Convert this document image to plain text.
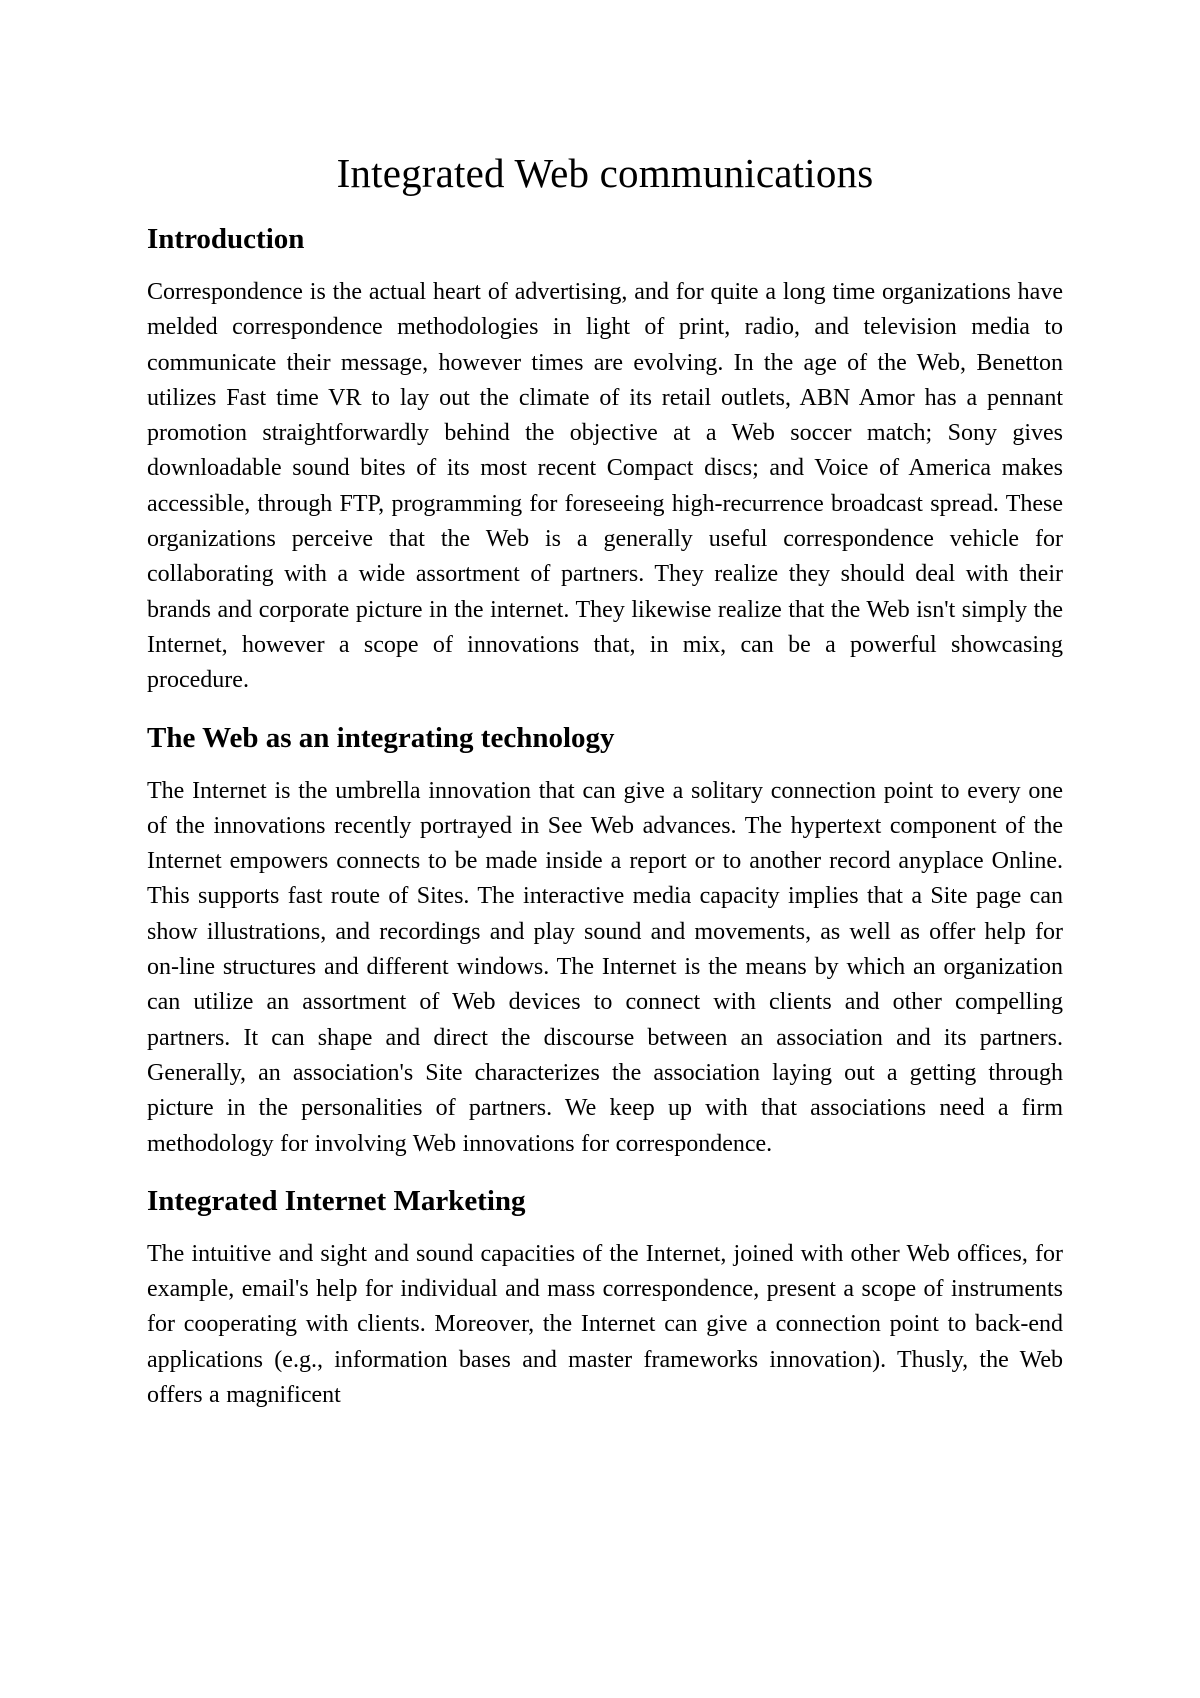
Integrated Web communications
Introduction

Correspondence is the actual heart of advertising, and for quite a long time organizations have melded correspondence methodologies in light of print, radio, and television media to communicate their message, however times are evolving. In the age of the Web, Benetton utilizes Fast time VR to lay out the climate of its retail outlets, ABN Amor has a pennant promotion straightforwardly behind the objective at a Web soccer match; Sony gives downloadable sound bites of its most recent Compact discs; and Voice of America makes accessible, through FTP, programming for foreseeing high-recurrence broadcast spread. These organizations perceive that the Web is a generally useful correspondence vehicle for collaborating with a wide assortment of partners. They realize they should deal with their brands and corporate picture in the internet. They likewise realize that the Web isn't simply the Internet, however a scope of innovations that, in mix, can be a powerful showcasing procedure.

The Web as an integrating technology

The Internet is the umbrella innovation that can give a solitary connection point to every one of the innovations recently portrayed in See Web advances. The hypertext component of the Internet empowers connects to be made inside a report or to another record anyplace Online. This supports fast route of Sites. The interactive media capacity implies that a Site page can show illustrations, and recordings and play sound and movements, as well as offer help for on-line structures and different windows. The Internet is the means by which an organization can utilize an assortment of Web devices to connect with clients and other compelling partners. It can shape and direct the discourse between an association and its partners. Generally, an association's Site characterizes the association laying out a getting through picture in the personalities of partners. We keep up with that associations need a firm methodology for involving Web innovations for correspondence.

Integrated Internet Marketing

The intuitive and sight and sound capacities of the Internet, joined with other Web offices, for example, email's help for individual and mass correspondence, present a scope of instruments for cooperating with clients. Moreover, the Internet can give a connection point to back-end applications (e.g., information bases and master frameworks innovation). Thusly, the Web offers a magnificent
